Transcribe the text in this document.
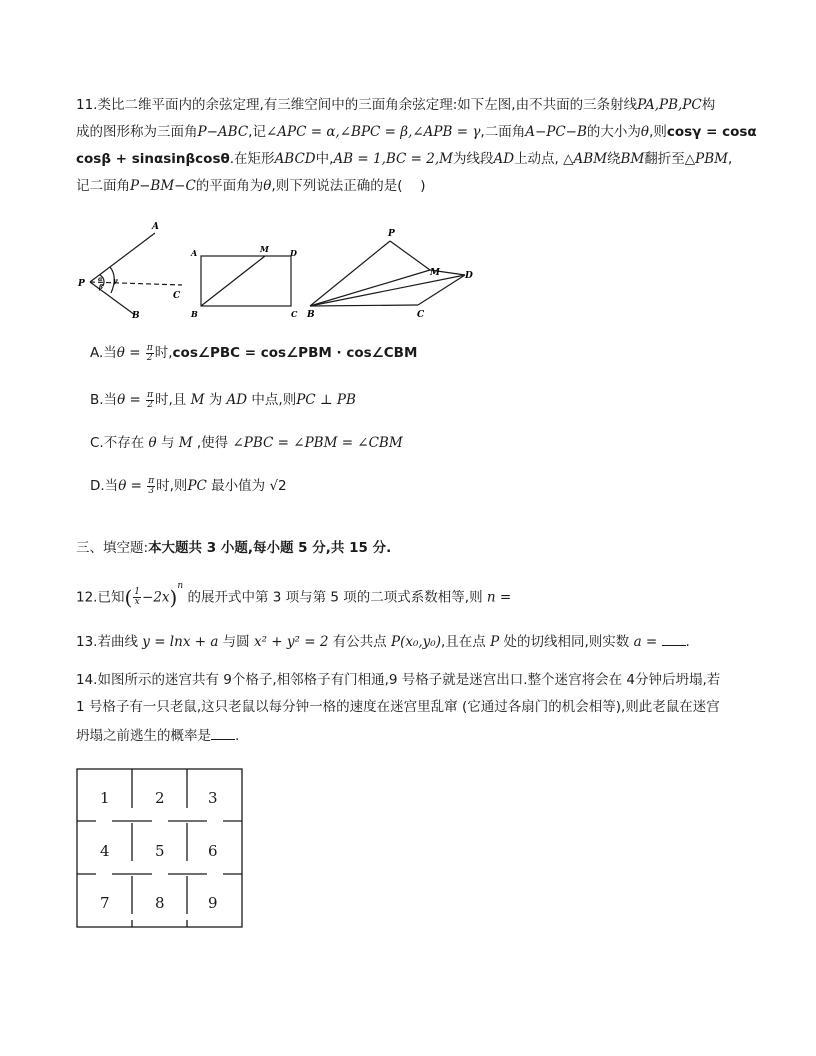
11.类比二维平面内的余弦定理,有三维空间中的三面角余弦定理:如下左图,由不共面的三条射线PA,PB,PC构
成的图形称为三面角P−ABC,记∠APC = α,∠BPC = β,∠APB = γ,二面角A−PC−B的大小为θ,则cosγ = cosα
cosβ + sinαsinβcosθ.在矩形ABCD中,AB = 1,BC = 2,M为线段AD上动点, △ABM绕BM翻折至△PBM,
记二面角P−BM−C的平面角为θ,则下列说法正确的是(　 )
A
P α
β
γ
C
B
A	M	D
B	C
P
M	D
B	C
A.当$\theta = \frac{\pi}{2}$ 时,cos∠PBC = cos∠PBM · cos∠CBM
B.当$\theta = \frac{\pi}{2}$ 时,且 M 为 AD 中点,则PC ⊥ PB
C.不存在 θ 与 M ,使得 ∠PBC = ∠PBM = ∠CBM
D.当$\theta = \frac{\pi}{3}$ 时,则PC 最小值为 √2
三、填空题:本大题共 3 小题,每小题 5 分,共 15 分.
12.已知( $\frac{1}{x} -2x)^n$ 的展开式中第 3 项与第 5 项的二项式系数相等,则 n =
13.若曲线 y = lnx + a 与圆 x² + y² = 2 有公共点 P(x₀,y₀),且在点 P 处的切线相同,则实数 a = .
14.如图所示的迷宫共有 9个格子,相邻格子有门相通,9 号格子就是迷宫出口.整个迷宫将会在 4分钟后坍塌,若
1 号格子有一只老鼠,这只老鼠以每分钟一格的速度在迷宫里乱窜 (它通过各扇门的机会相等),则此老鼠在迷宫
坍塌之前逃生的概率是 .
1	2	3
4	5	6
7	8	9
